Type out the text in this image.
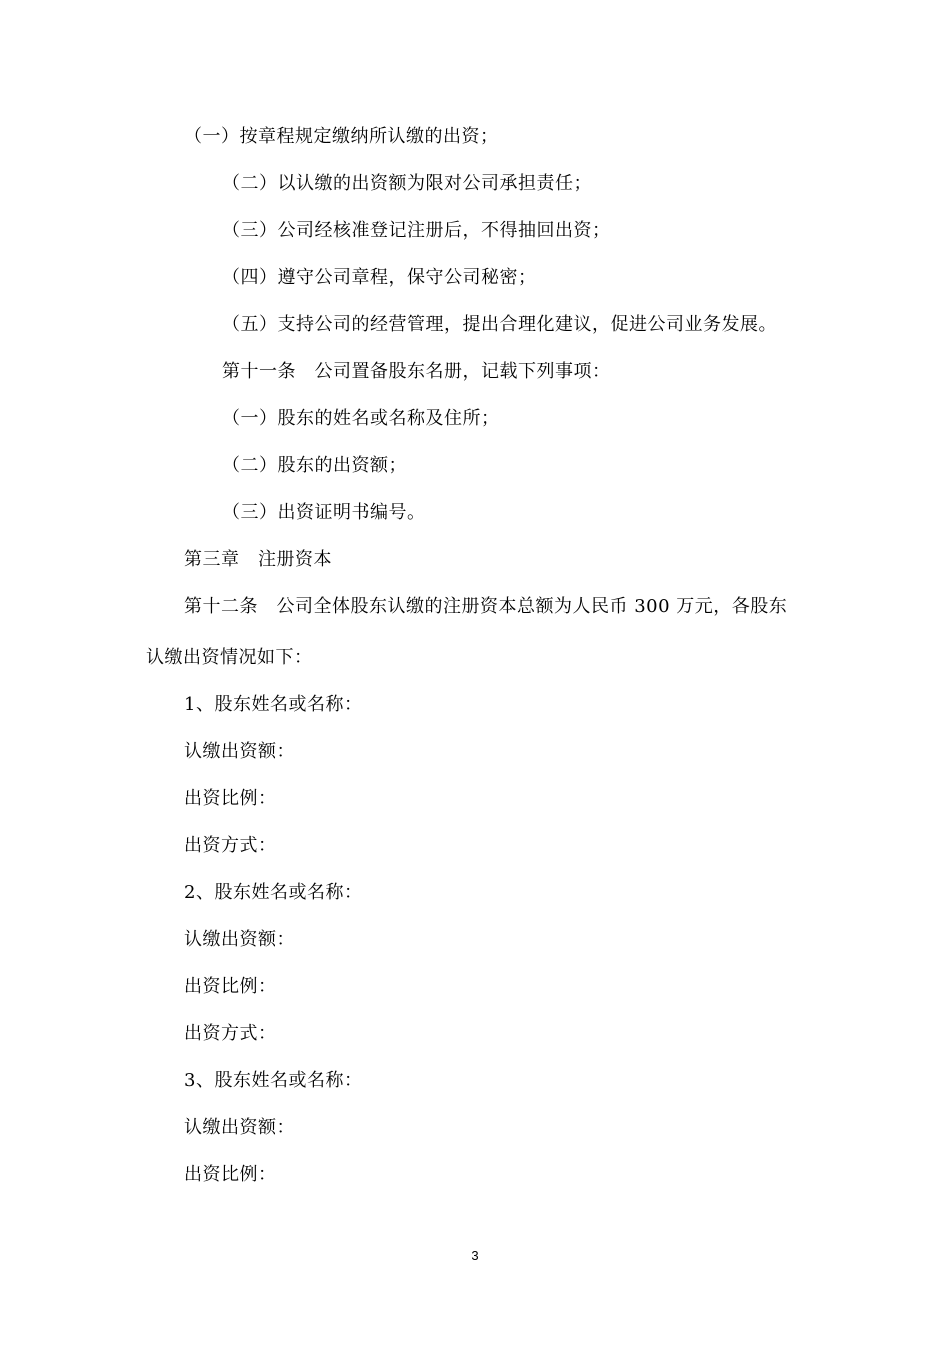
（一）按章程规定缴纳所认缴的出资；
（二）以认缴的出资额为限对公司承担责任；
（三）公司经核准登记注册后，不得抽回出资；
（四）遵守公司章程，保守公司秘密；
（五）支持公司的经营管理，提出合理化建议，促进公司业务发展。
第十一条　公司置备股东名册，记载下列事项：
（一）股东的姓名或名称及住所；
（二）股东的出资额；
（三）出资证明书编号。
第三章　注册资本
第十二条　公司全体股东认缴的注册资本总额为人民币 300 万元，各股东
认缴出资情况如下：
1、股东姓名或名称：
认缴出资额：
出资比例：
出资方式：
2、股东姓名或名称：
认缴出资额：
出资比例：
出资方式：
3、股东姓名或名称：
认缴出资额：
出资比例：
3
